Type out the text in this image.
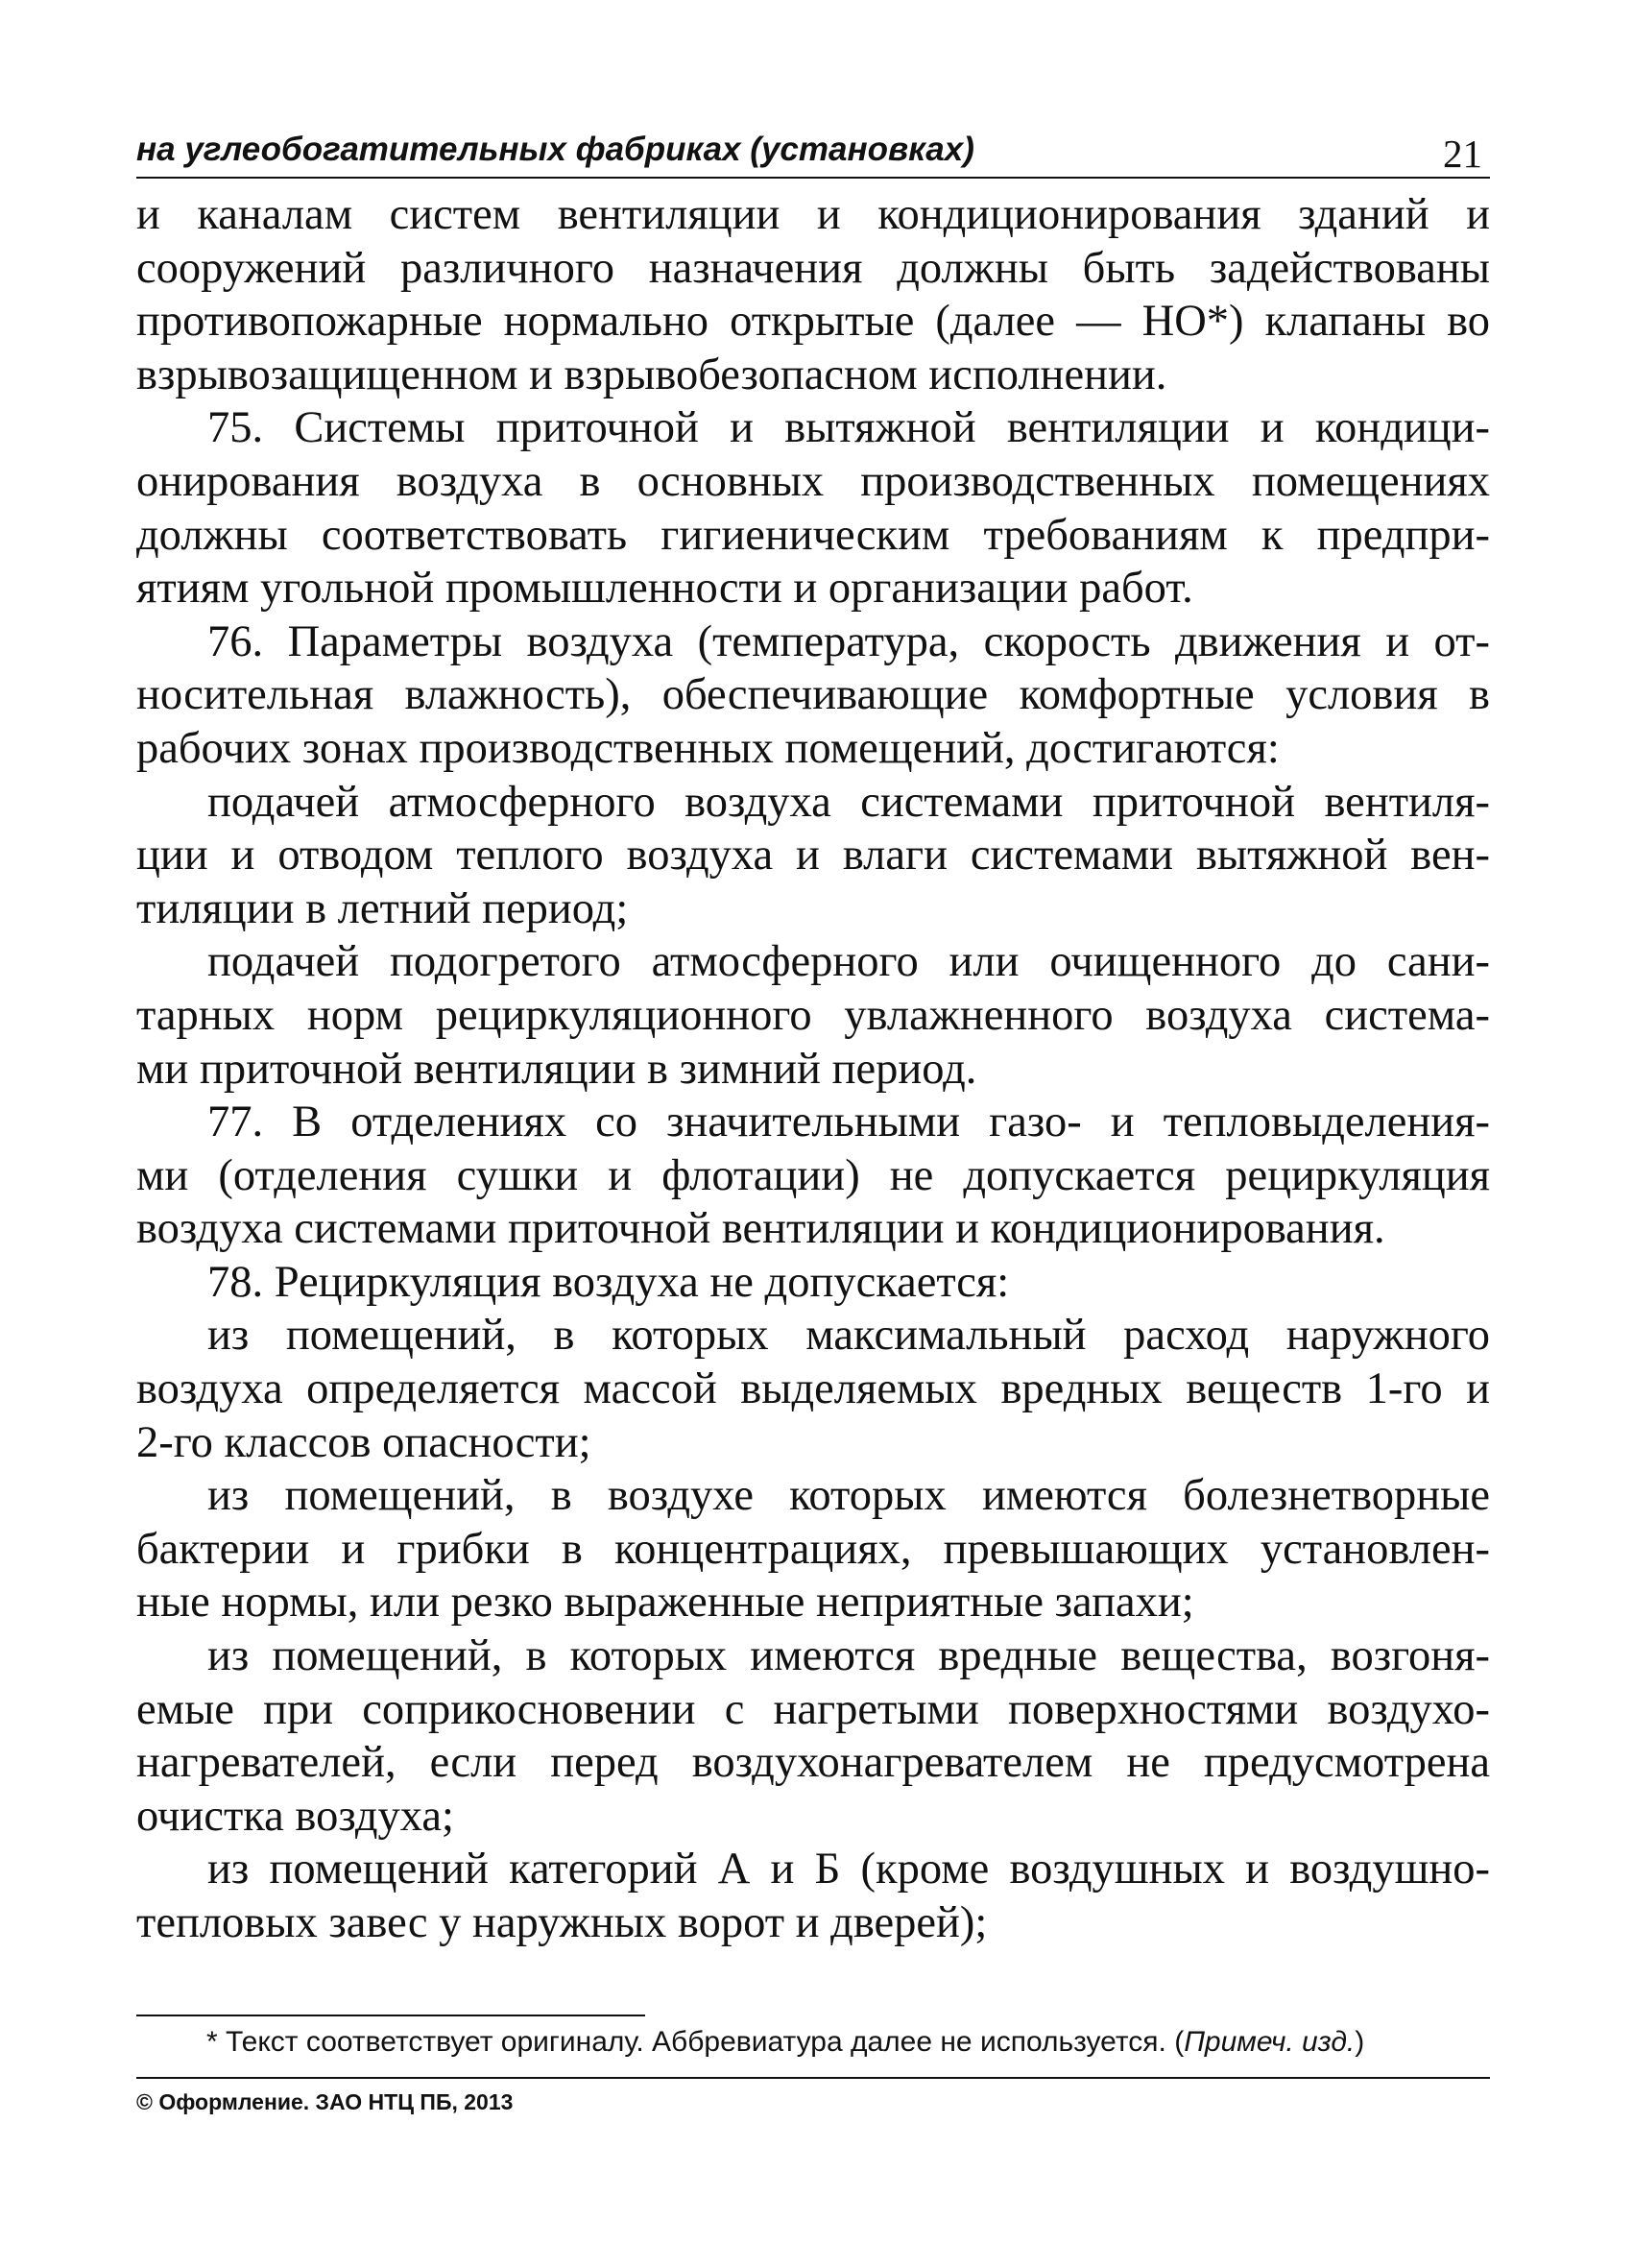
на углеобогатительных фабриках (установках)	21
и каналам систем вентиляции и кондиционирования зданий и
сооружений различного назначения должны быть задействованы
противопожарные нормально открытые (далее — НО*) клапаны во
взрывозащищенном и взрывобезопасном исполнении.
75. Системы приточной и вытяжной вентиляции и кондици-
онирования воздуха в основных производственных помещениях
должны соответствовать гигиеническим требованиям к предпри-
ятиям угольной промышленности и организации работ.
76. Параметры воздуха (температура, скорость движения и от-
носительная влажность), обеспечивающие комфортные условия в
рабочих зонах производственных помещений, достигаются:
подачей атмосферного воздуха системами приточной вентиля-
ции и отводом теплого воздуха и влаги системами вытяжной вен-
тиляции в летний период;
подачей подогретого атмосферного или очищенного до сани-
тарных норм рециркуляционного увлажненного воздуха система-
ми приточной вентиляции в зимний период.
77. В отделениях со значительными газо- и тепловыделения-
ми (отделения сушки и флотации) не допускается рециркуляция
воздуха системами приточной вентиляции и кондиционирования.
78. Рециркуляция воздуха не допускается:
из помещений, в которых максимальный расход наружного
воздуха определяется массой выделяемых вредных веществ 1-го и
2-го классов опасности;
из помещений, в воздухе которых имеются болезнетворные
бактерии и грибки в концентрациях, превышающих установлен-
ные нормы, или резко выраженные неприятные запахи;
из помещений, в которых имеются вредные вещества, возгоня-
емые при соприкосновении с нагретыми поверхностями воздухо-
нагревателей, если перед воздухонагревателем не предусмотрена
очистка воздуха;
из помещений категорий А и Б (кроме воздушных и воздушно-
тепловых завес у наружных ворот и дверей);
* Текст соответствует оригиналу. Аббревиатура далее не используется. (Примеч. изд.)
© Оформление. ЗАО НТЦ ПБ, 2013
